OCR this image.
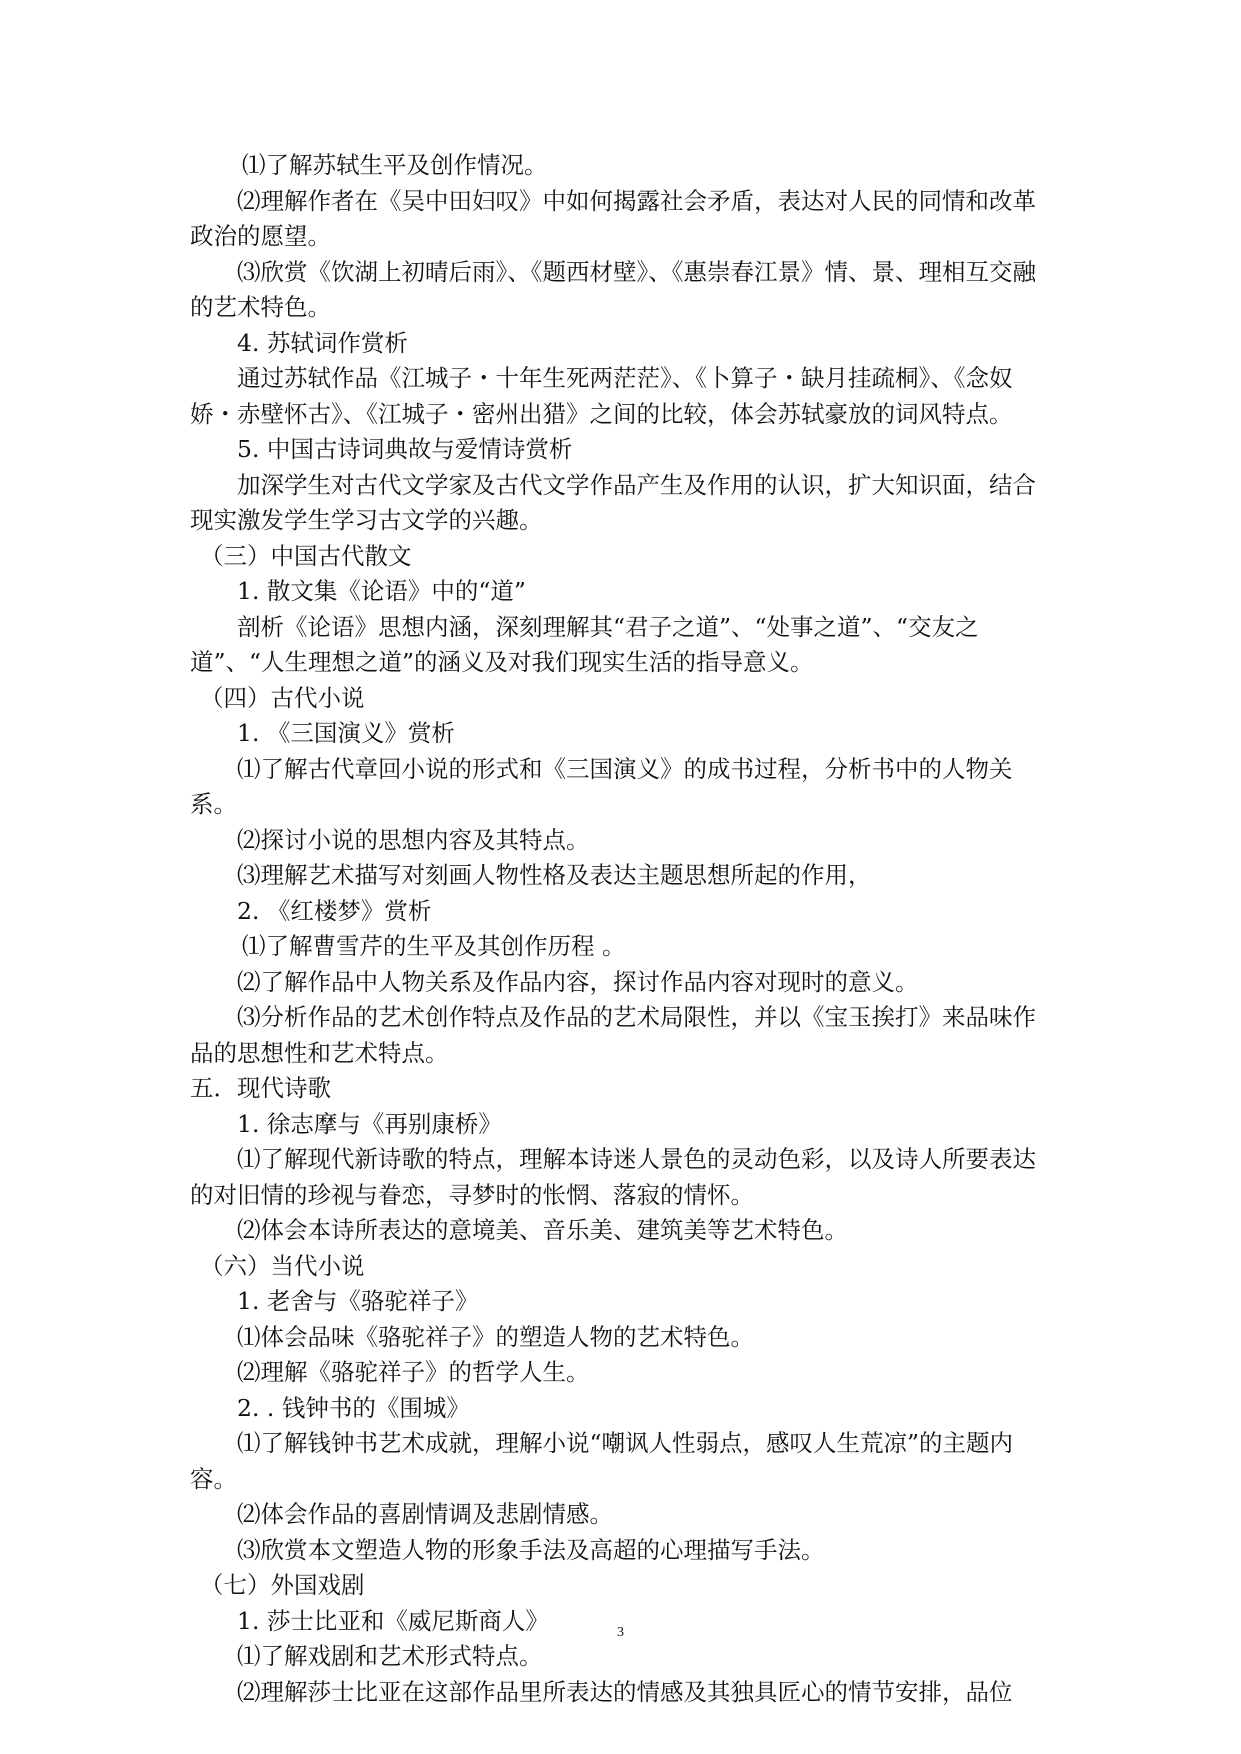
⑴了解苏轼生平及创作情况。
⑵理解作者在《吴中田妇叹》中如何揭露社会矛盾，表达对人民的同情和改革政治的愿望。
⑶欣赏《饮湖上初晴后雨》、《题西材壁》、《惠崇春江景》情、景、理相互交融的艺术特色。
4. 苏轼词作赏析
通过苏轼作品《江城子・十年生死两茫茫》、《卜算子・缺月挂疏桐》、《念奴娇・赤壁怀古》、《江城子・密州出猎》之间的比较，体会苏轼豪放的词风特点。
5. 中国古诗词典故与爱情诗赏析
加深学生对古代文学家及古代文学作品产生及作用的认识，扩大知识面，结合现实激发学生学习古文学的兴趣。
（三）中国古代散文
1. 散文集《论语》中的“道”
剖析《论语》思想内涵，深刻理解其“君子之道”、“处事之道”、“交友之道”、“人生理想之道”的涵义及对我们现实生活的指导意义。
（四）古代小说
1. 《三国演义》赏析
⑴了解古代章回小说的形式和《三国演义》的成书过程，分析书中的人物关系。
⑵探讨小说的思想内容及其特点。
⑶理解艺术描写对刻画人物性格及表达主题思想所起的作用，
2. 《红楼梦》赏析
⑴了解曹雪芹的生平及其创作历程 。
⑵了解作品中人物关系及作品内容，探讨作品内容对现时的意义。
⑶分析作品的艺术创作特点及作品的艺术局限性，并以《宝玉挨打》来品味作品的思想性和艺术特点。
五．现代诗歌
1. 徐志摩与《再别康桥》
⑴了解现代新诗歌的特点，理解本诗迷人景色的灵动色彩，以及诗人所要表达的对旧情的珍视与眷恋，寻梦时的怅惘、落寂的情怀。
⑵体会本诗所表达的意境美、音乐美、建筑美等艺术特色。
（六）当代小说
1. 老舍与《骆驼祥子》
⑴体会品味《骆驼祥子》的塑造人物的艺术特色。
⑵理解《骆驼祥子》的哲学人生。
2. . 钱钟书的《围城》
⑴了解钱钟书艺术成就，理解小说“嘲讽人性弱点，感叹人生荒凉”的主题内容。
⑵体会作品的喜剧情调及悲剧情感。
⑶欣赏本文塑造人物的形象手法及高超的心理描写手法。
（七）外国戏剧
1. 莎士比亚和《威尼斯商人》
⑴了解戏剧和艺术形式特点。
⑵理解莎士比亚在这部作品里所表达的情感及其独具匠心的情节安排，品位
3
